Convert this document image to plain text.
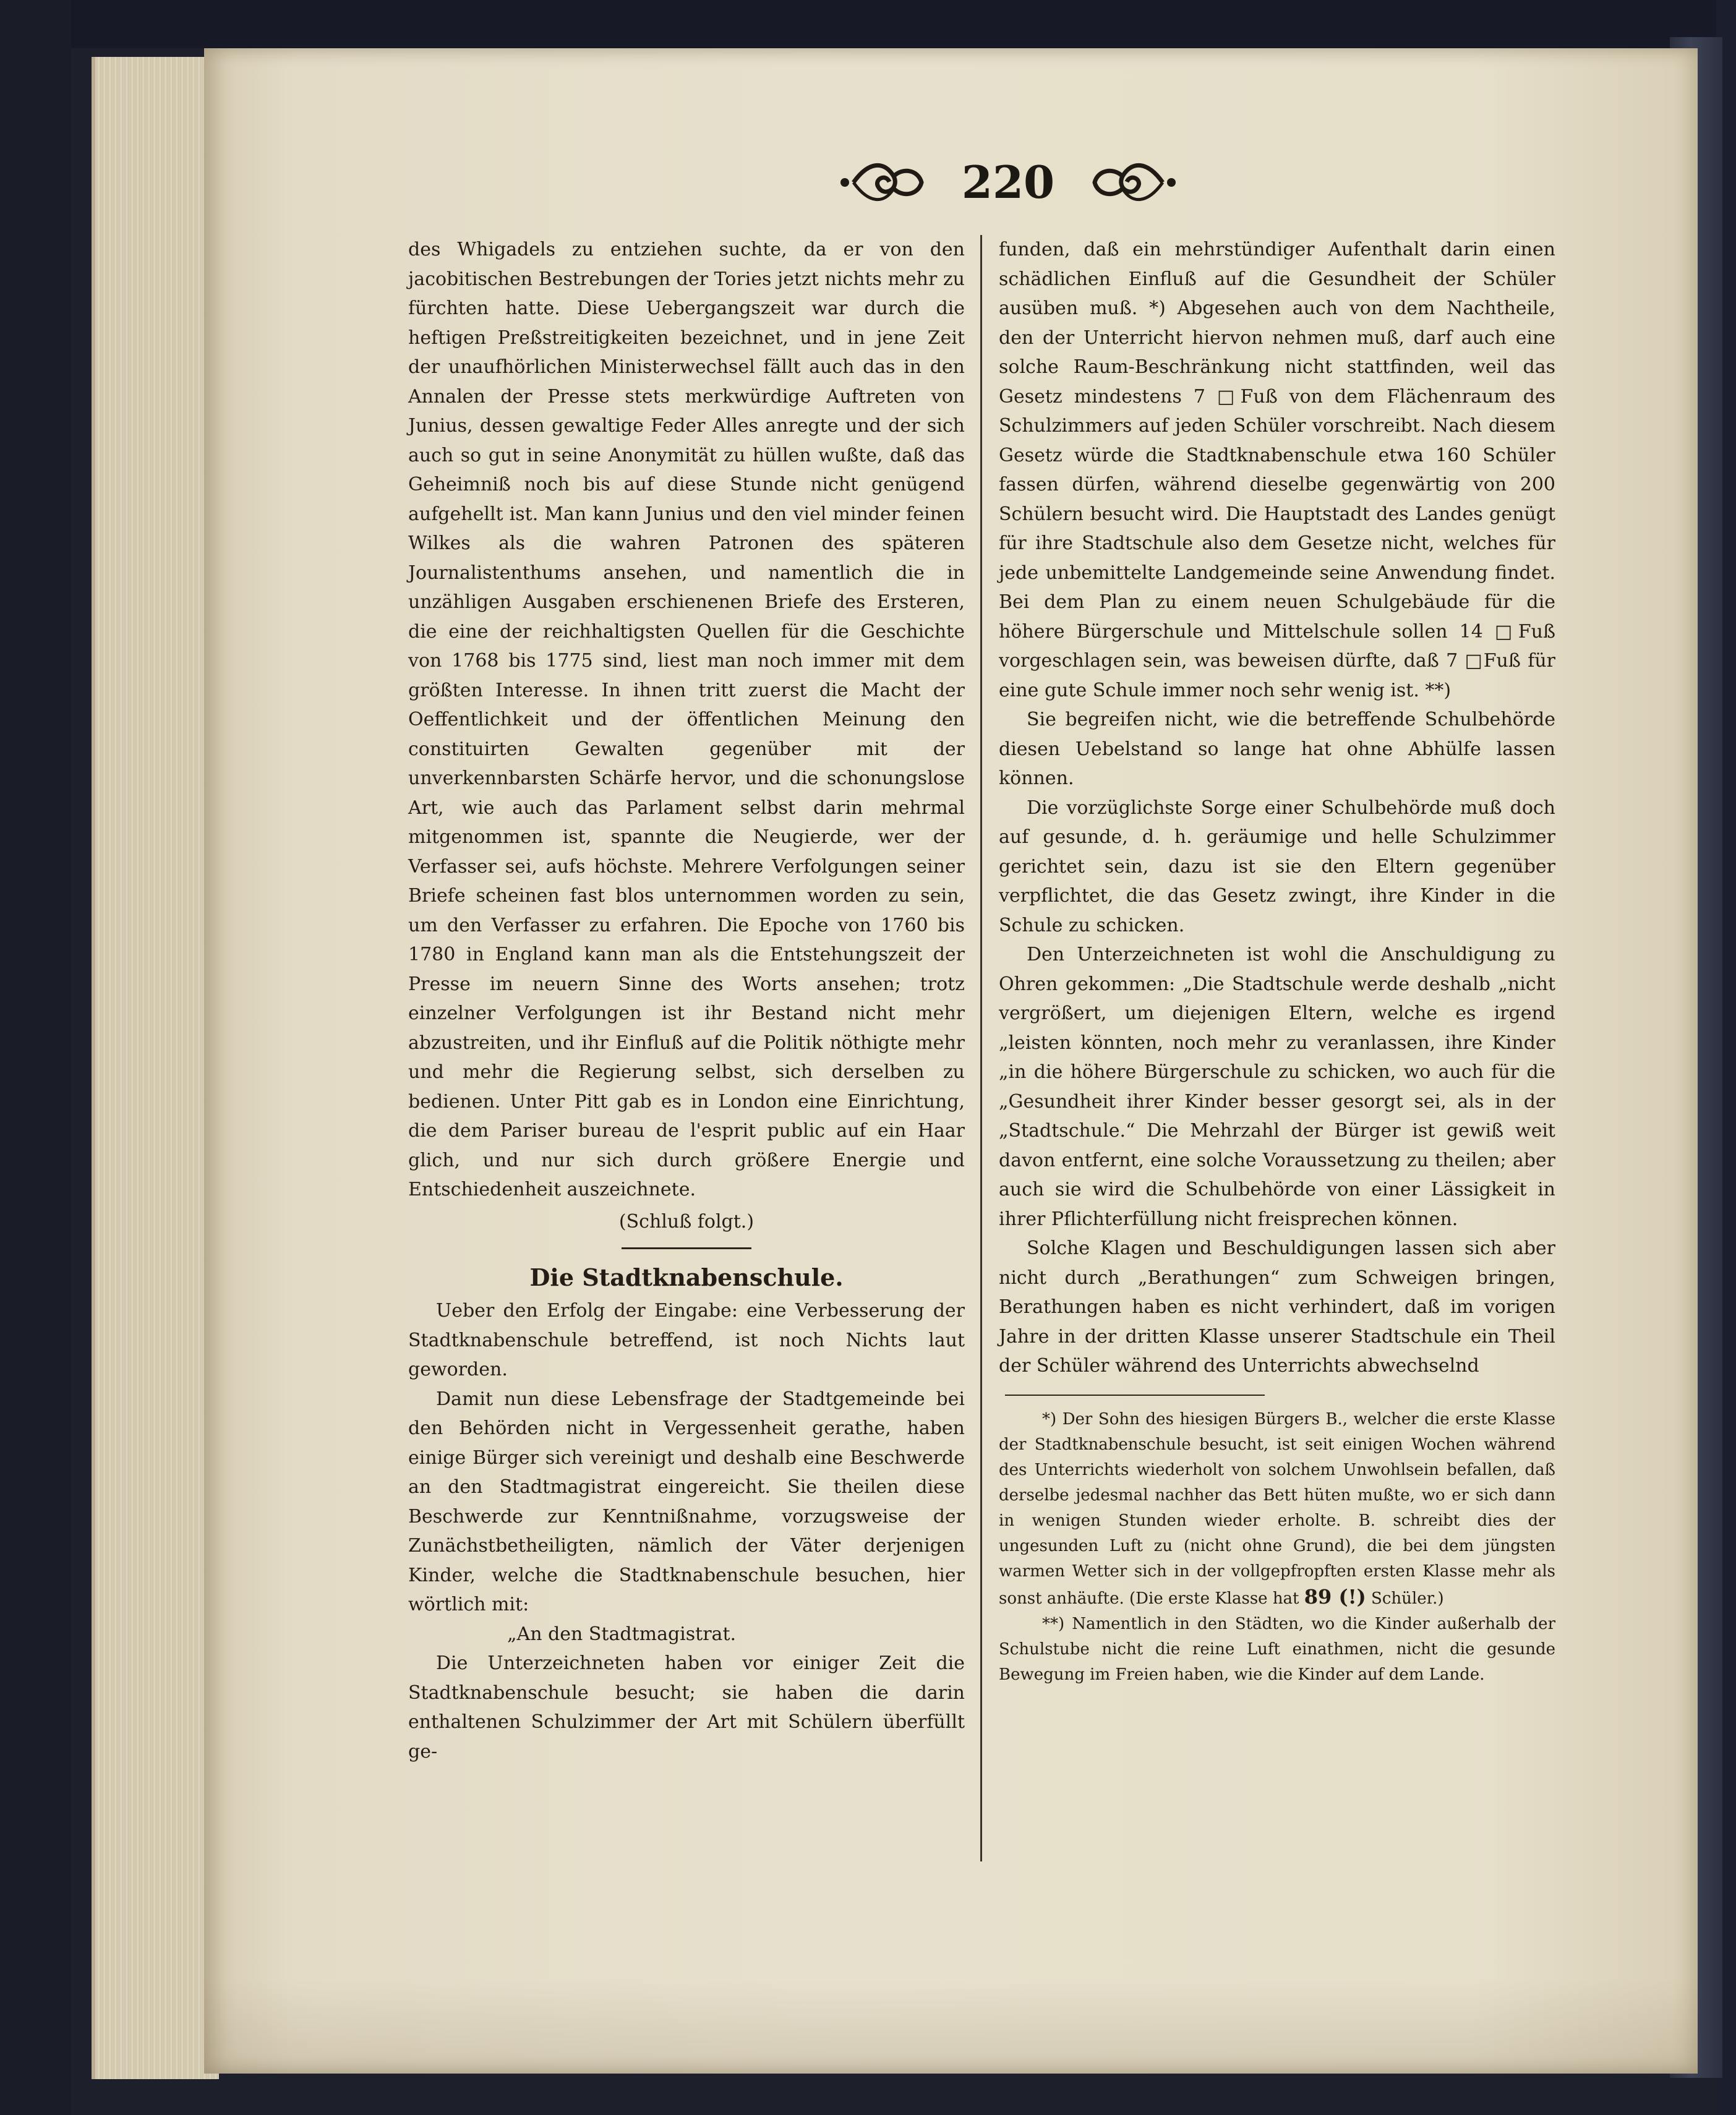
220

des Whigadels zu entziehen suchte, da er von den jacobitischen Bestrebungen der Tories jetzt nichts mehr zu fürchten hatte. Diese Uebergangszeit war durch die heftigen Preßstreitigkeiten bezeichnet, und in jene Zeit der unaufhörlichen Ministerwechsel fällt auch das in den Annalen der Presse stets merkwürdige Auftreten von Junius, dessen gewaltige Feder Alles anregte und der sich auch so gut in seine Anonymität zu hüllen wußte, daß das Geheimniß noch bis auf diese Stunde nicht genügend aufgehellt ist. Man kann Junius und den viel minder feinen Wilkes als die wahren Patronen des späteren Journalistenthums ansehen, und namentlich die in unzähligen Ausgaben erschienenen Briefe des Ersteren, die eine der reichhaltigsten Quellen für die Geschichte von 1768 bis 1775 sind, liest man noch immer mit dem größten Interesse. In ihnen tritt zuerst die Macht der Oeffentlichkeit und der öffentlichen Meinung den constituirten Gewalten gegenüber mit der unverkennbarsten Schärfe hervor, und die schonungslose Art, wie auch das Parlament selbst darin mehrmal mitgenommen ist, spannte die Neugierde, wer der Verfasser sei, aufs höchste. Mehrere Verfolgungen seiner Briefe scheinen fast blos unternommen worden zu sein, um den Verfasser zu erfahren. Die Epoche von 1760 bis 1780 in England kann man als die Entstehungszeit der Presse im neuern Sinne des Worts ansehen; trotz einzelner Verfolgungen ist ihr Bestand nicht mehr abzustreiten, und ihr Einfluß auf die Politik nöthigte mehr und mehr die Regierung selbst, sich derselben zu bedienen. Unter Pitt gab es in London eine Einrichtung, die dem Pariser bureau de l'esprit public auf ein Haar glich, und nur sich durch größere Energie und Entschiedenheit auszeichnete.

(Schluß folgt.)

Die Stadtknabenschule.

Ueber den Erfolg der Eingabe: eine Verbesserung der Stadtknabenschule betreffend, ist noch Nichts laut geworden.

Damit nun diese Lebensfrage der Stadtgemeinde bei den Behörden nicht in Vergessenheit gerathe, haben einige Bürger sich vereinigt und deshalb eine Beschwerde an den Stadtmagistrat eingereicht. Sie theilen diese Beschwerde zur Kenntnißnahme, vorzugsweise der Zunächstbetheiligten, nämlich der Väter derjenigen Kinder, welche die Stadtknabenschule besuchen, hier wörtlich mit:

„An den Stadtmagistrat.

Die Unterzeichneten haben vor einiger Zeit die Stadtknabenschule besucht; sie haben die darin enthaltenen Schulzimmer der Art mit Schülern überfüllt ge-

funden, daß ein mehrstündiger Aufenthalt darin einen schädlichen Einfluß auf die Gesundheit der Schüler ausüben muß. *) Abgesehen auch von dem Nachtheile, den der Unterricht hiervon nehmen muß, darf auch eine solche Raum-Beschränkung nicht stattfinden, weil das Gesetz mindestens 7 □Fuß von dem Flächenraum des Schulzimmers auf jeden Schüler vorschreibt. Nach diesem Gesetz würde die Stadtknabenschule etwa 160 Schüler fassen dürfen, während dieselbe gegenwärtig von 200 Schülern besucht wird. Die Hauptstadt des Landes genügt für ihre Stadtschule also dem Gesetze nicht, welches für jede unbemittelte Landgemeinde seine Anwendung findet. Bei dem Plan zu einem neuen Schulgebäude für die höhere Bürgerschule und Mittelschule sollen 14 □Fuß vorgeschlagen sein, was beweisen dürfte, daß 7 □Fuß für eine gute Schule immer noch sehr wenig ist. **)

Sie begreifen nicht, wie die betreffende Schulbehörde diesen Uebelstand so lange hat ohne Abhülfe lassen können.

Die vorzüglichste Sorge einer Schulbehörde muß doch auf gesunde, d. h. geräumige und helle Schulzimmer gerichtet sein, dazu ist sie den Eltern gegenüber verpflichtet, die das Gesetz zwingt, ihre Kinder in die Schule zu schicken.

Den Unterzeichneten ist wohl die Anschuldigung zu Ohren gekommen: „Die Stadtschule werde deshalb „nicht vergrößert, um diejenigen Eltern, welche es irgend „leisten könnten, noch mehr zu veranlassen, ihre Kinder „in die höhere Bürgerschule zu schicken, wo auch für die „Gesundheit ihrer Kinder besser gesorgt sei, als in der „Stadtschule.“ Die Mehrzahl der Bürger ist gewiß weit davon entfernt, eine solche Voraussetzung zu theilen; aber auch sie wird die Schulbehörde von einer Lässigkeit in ihrer Pflichterfüllung nicht freisprechen können.

Solche Klagen und Beschuldigungen lassen sich aber nicht durch „Berathungen“ zum Schweigen bringen, Berathungen haben es nicht verhindert, daß im vorigen Jahre in der dritten Klasse unserer Stadtschule ein Theil der Schüler während des Unterrichts abwechselnd

*) Der Sohn des hiesigen Bürgers B., welcher die erste Klasse der Stadtknabenschule besucht, ist seit einigen Wochen während des Unterrichts wiederholt von solchem Unwohlsein befallen, daß derselbe jedesmal nachher das Bett hüten mußte, wo er sich dann in wenigen Stunden wieder erholte. B. schreibt dies der ungesunden Luft zu (nicht ohne Grund), die bei dem jüngsten warmen Wetter sich in der vollgepfropften ersten Klasse mehr als sonst anhäufte. (Die erste Klasse hat 89 (!) Schüler.)

**) Namentlich in den Städten, wo die Kinder außerhalb der Schulstube nicht die reine Luft einathmen, nicht die gesunde Bewegung im Freien haben, wie die Kinder auf dem Lande.
